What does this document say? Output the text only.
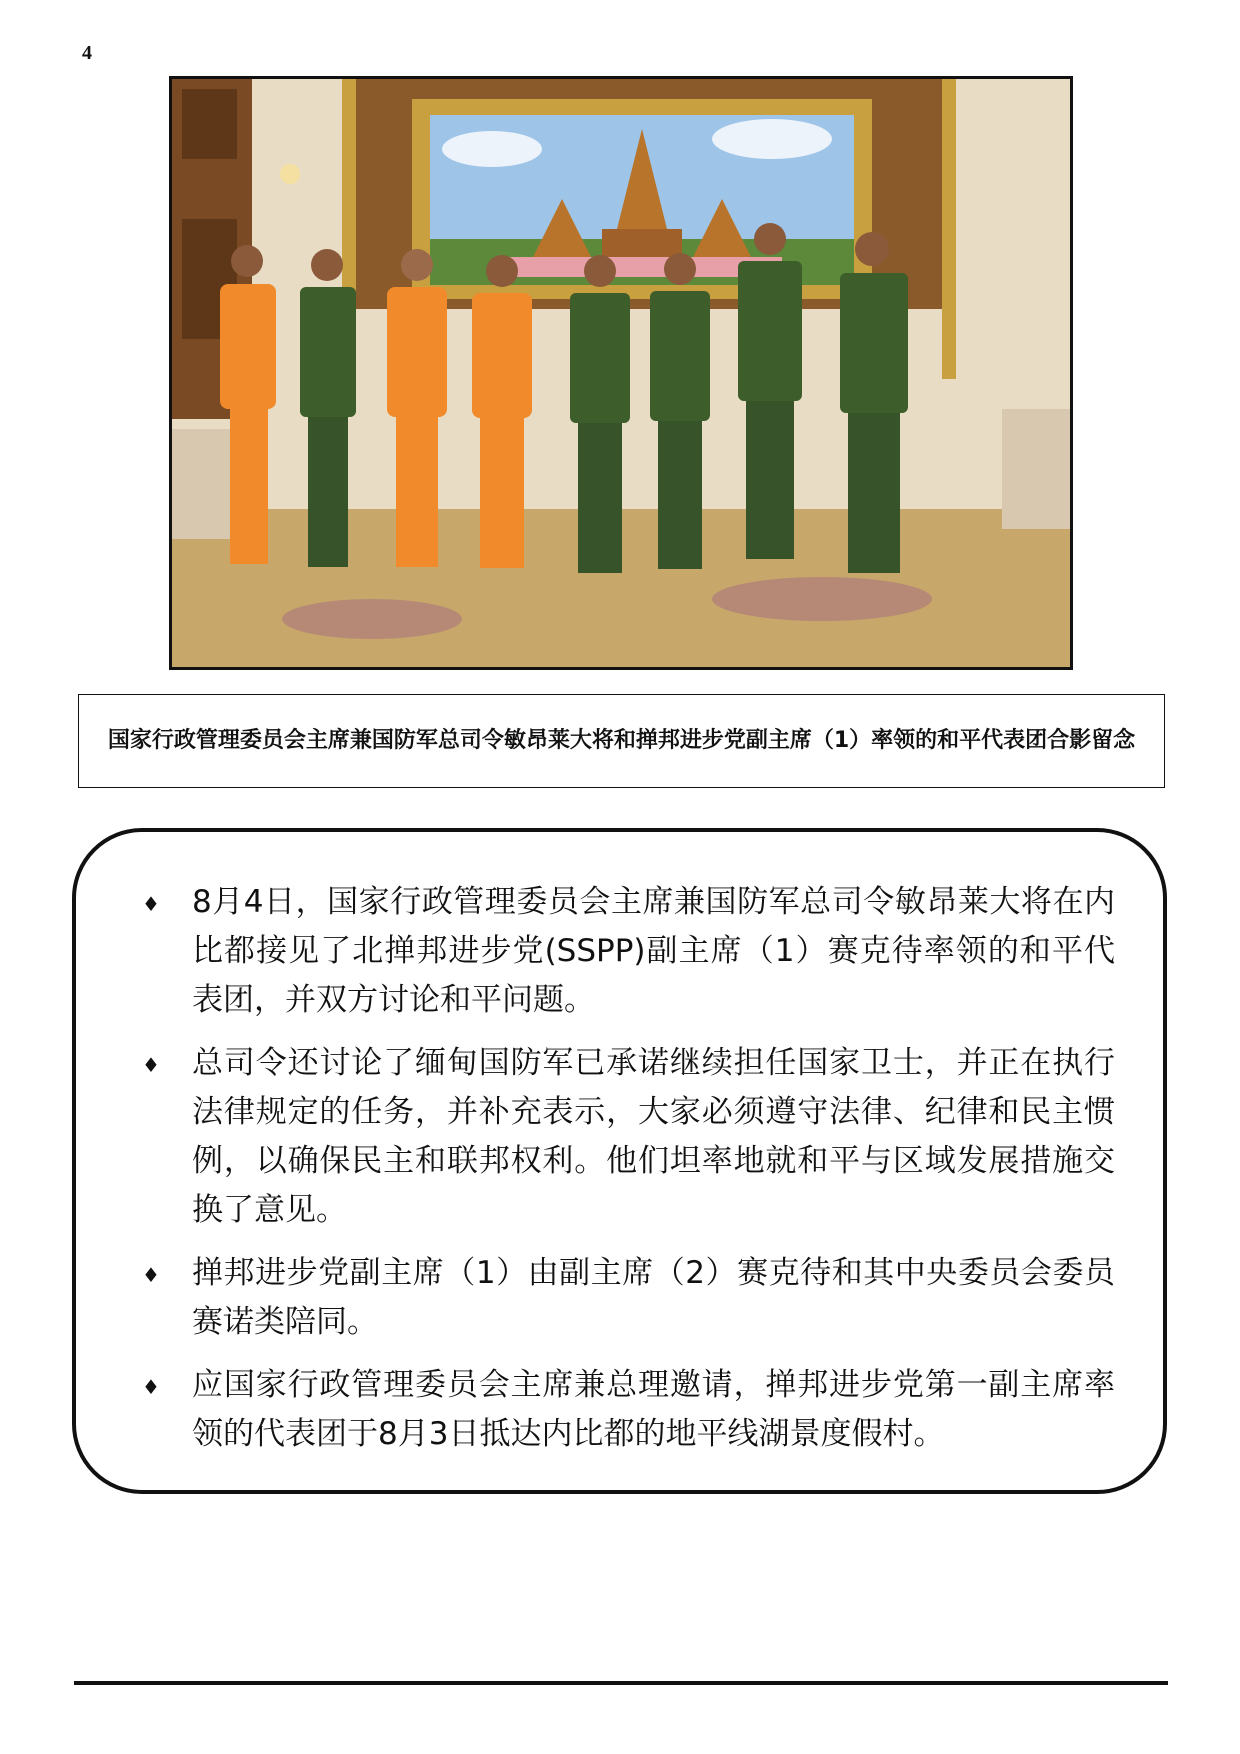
4
国家行政管理委员会主席兼国防军总司令敏昂莱大将和掸邦进步党副主席（1）率领的和平代表团合影留念
♦ 8月4日，国家行政管理委员会主席兼国防军总司令敏昂莱大将在内比都接见了北掸邦进步党(SSPP)副主席（1）赛克待率领的和平代表团，并双方讨论和平问题。
♦ 总司令还讨论了缅甸国防军已承诺继续担任国家卫士，并正在执行法律规定的任务，并补充表示，大家必须遵守法律、纪律和民主惯例，以确保民主和联邦权利。他们坦率地就和平与区域发展措施交换了意见。
♦ 掸邦进步党副主席（1）由副主席（2）赛克待和其中央委员会委员赛诺类陪同。
♦ 应国家行政管理委员会主席兼总理邀请，掸邦进步党第一副主席率领的代表团于8月3日抵达内比都的地平线湖景度假村。
